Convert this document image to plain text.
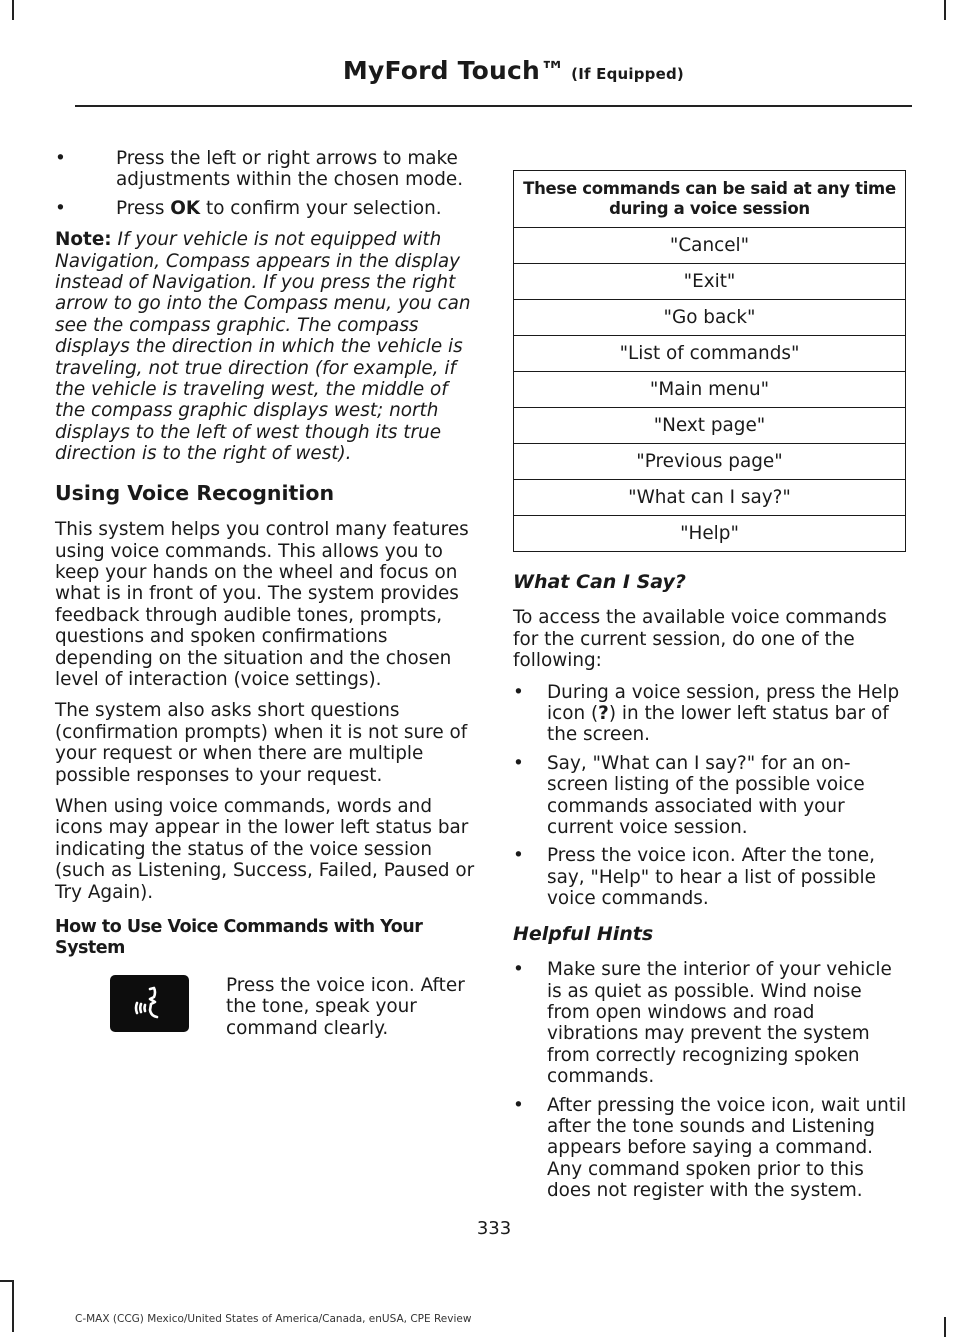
MyFord Touch™ (If Equipped)
•	Press the left or right arrows to make adjustments within the chosen mode.
•	Press OK to confirm your selection.

Note: If your vehicle is not equipped with Navigation, Compass appears in the display instead of Navigation. If you press the right arrow to go into the Compass menu, you can see the compass graphic. The compass displays the direction in which the vehicle is traveling, not true direction (for example, if the vehicle is traveling west, the middle of the compass graphic displays west; north displays to the left of west though its true direction is to the right of west).

Using Voice Recognition

This system helps you control many features using voice commands. This allows you to keep your hands on the wheel and focus on what is in front of you. The system provides feedback through audible tones, prompts, questions and spoken confirmations depending on the situation and the chosen level of interaction (voice settings).

The system also asks short questions (confirmation prompts) when it is not sure of your request or when there are multiple possible responses to your request.

When using voice commands, words and icons may appear in the lower left status bar indicating the status of the voice session (such as Listening, Success, Failed, Paused or Try Again).

How to Use Voice Commands with Your System
Press the voice icon. After the tone, speak your command clearly.
These commands can be said at any time during a voice session
"Cancel"
"Exit"
"Go back"
"List of commands"
"Main menu"
"Next page"
"Previous page"
"What can I say?"
"Help"
What Can I Say?

To access the available voice commands for the current session, do one of the following:

• During a voice session, press the Help icon (?) in the lower left status bar of the screen.
• Say, "What can I say?" for an on-screen listing of the possible voice commands associated with your current voice session.
• Press the voice icon. After the tone, say, "Help" to hear a list of possible voice commands.
Helpful Hints
• Make sure the interior of your vehicle is as quiet as possible. Wind noise from open windows and road vibrations may prevent the system from correctly recognizing spoken commands.
• After pressing the voice icon, wait until after the tone sounds and Listening appears before saying a command. Any command spoken prior to this does not register with the system.
333
C-MAX (CCG) Mexico/United States of America/Canada, enUSA, CPE Review
